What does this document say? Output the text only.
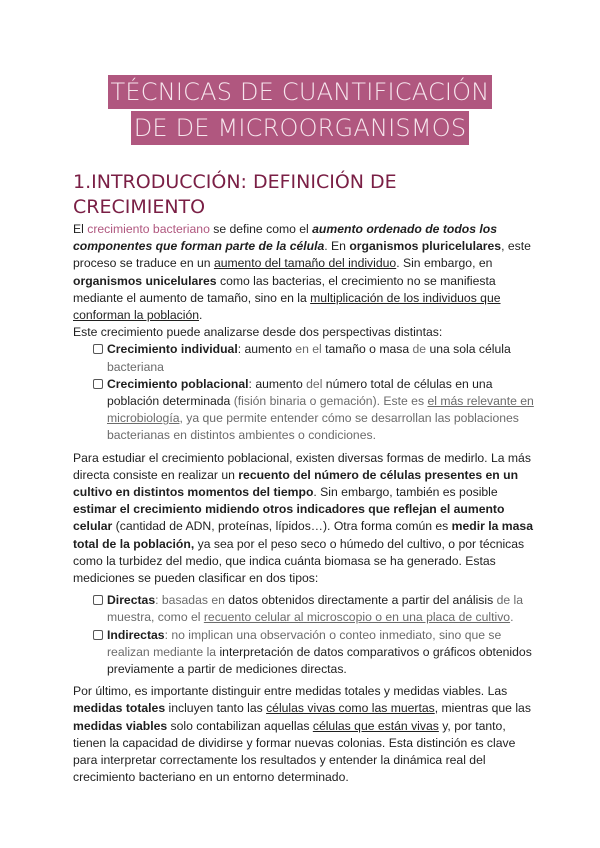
TÉCNICAS DE CUANTIFICACIÓN
DE DE MICROORGANISMOS
1.INTRODUCCIÓN: DEFINICIÓN DE CRECIMIENTO

El crecimiento bacteriano se define como el aumento ordenado de todos los componentes que forman parte de la célula. En organismos pluricelulares, este proceso se traduce en un aumento del tamaño del individuo. Sin embargo, en organismos unicelulares como las bacterias, el crecimiento no se manifiesta mediante el aumento de tamaño, sino en la multiplicación de los individuos que conforman la población.

Este crecimiento puede analizarse desde dos perspectivas distintas:

Crecimiento individual: aumento en el tamaño o masa de una sola célula bacteriana
Crecimiento poblacional: aumento del número total de células en una población determinada (fisión binaria o gemación). Este es el más relevante en microbiología, ya que permite entender cómo se desarrollan las poblaciones bacterianas en distintos ambientes o condiciones.

Para estudiar el crecimiento poblacional, existen diversas formas de medirlo. La más directa consiste en realizar un recuento del número de células presentes en un cultivo en distintos momentos del tiempo. Sin embargo, también es posible estimar el crecimiento midiendo otros indicadores que reflejan el aumento celular (cantidad de ADN, proteínas, lípidos…). Otra forma común es medir la masa total de la población, ya sea por el peso seco o húmedo del cultivo, o por técnicas como la turbidez del medio, que indica cuánta biomasa se ha generado. Estas mediciones se pueden clasificar en dos tipos:

Directas: basadas en datos obtenidos directamente a partir del análisis de la muestra, como el recuento celular al microscopio o en una placa de cultivo.
Indirectas: no implican una observación o conteo inmediato, sino que se realizan mediante la interpretación de datos comparativos o gráficos obtenidos previamente a partir de mediciones directas.

Por último, es importante distinguir entre medidas totales y medidas viables. Las medidas totales incluyen tanto las células vivas como las muertas, mientras que las medidas viables solo contabilizan aquellas células que están vivas y, por tanto, tienen la capacidad de dividirse y formar nuevas colonias. Esta distinción es clave para interpretar correctamente los resultados y entender la dinámica real del crecimiento bacteriano en un entorno determinado.
